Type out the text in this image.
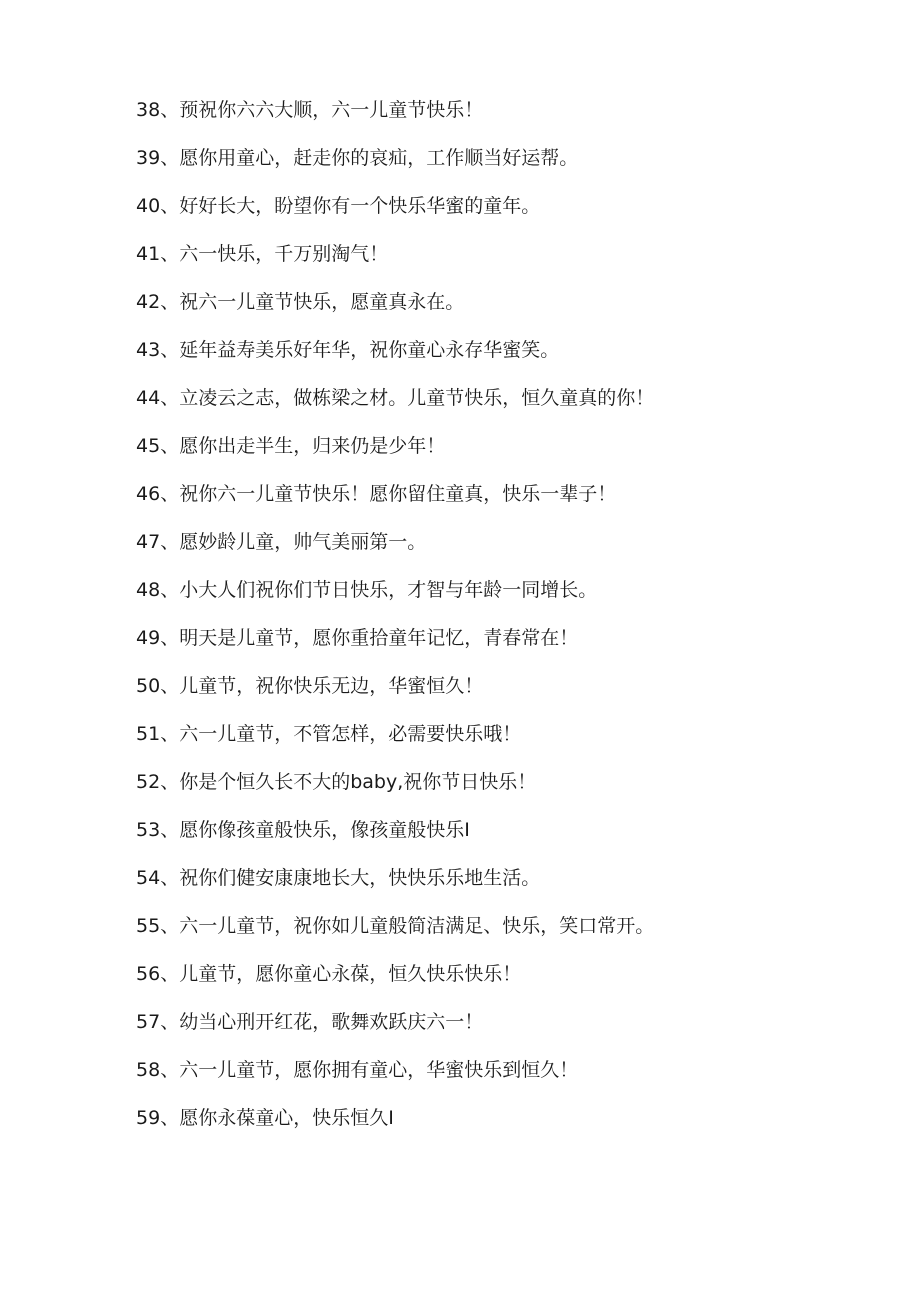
38、预祝你六六大顺，六一儿童节快乐！
39、愿你用童心，赶走你的哀疝，工作顺当好运帮。
40、好好长大，盼望你有一个快乐华蜜的童年。
41、六一快乐，千万别淘气！
42、祝六一儿童节快乐，愿童真永在。
43、延年益寿美乐好年华，祝你童心永存华蜜笑。
44、立凌云之志，做栋梁之材。儿童节快乐，恒久童真的你！
45、愿你出走半生，归来仍是少年！
46、祝你六一儿童节快乐！愿你留住童真，快乐一辈子！
47、愿妙龄儿童，帅气美丽第一。
48、小大人们祝你们节日快乐，才智与年龄一同增长。
49、明天是儿童节，愿你重拾童年记忆，青春常在！
50、儿童节，祝你快乐无边，华蜜恒久！
51、六一儿童节，不管怎样，必需要快乐哦！
52、你是个恒久长不大的baby,祝你节日快乐！
53、愿你像孩童般快乐，像孩童般快乐I
54、祝你们健安康康地长大，快快乐乐地生活。
55、六一儿童节，祝你如儿童般简洁满足、快乐，笑口常开。
56、儿童节，愿你童心永葆，恒久快乐快乐！
57、幼当心刑开红花，歌舞欢跃庆六一！
58、六一儿童节，愿你拥有童心，华蜜快乐到恒久！
59、愿你永葆童心，快乐恒久I
